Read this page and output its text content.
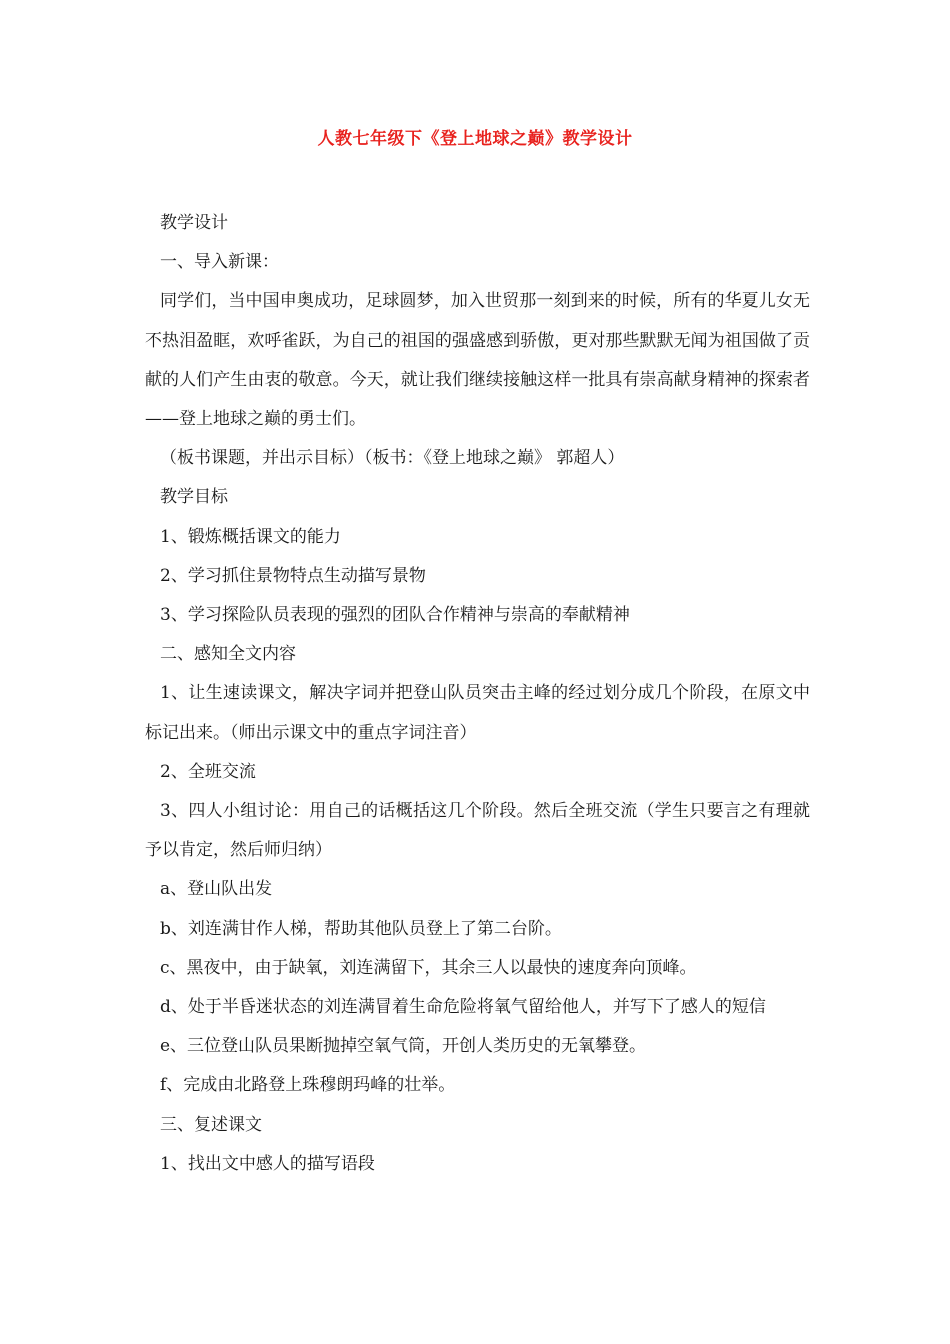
人教七年级下《登上地球之巅》教学设计

教学设计

一、导入新课：

同学们，当中国申奥成功，足球圆梦，加入世贸那一刻到来的时候，所有的华夏儿女无不热泪盈眶，欢呼雀跃，为自己的祖国的强盛感到骄傲，更对那些默默无闻为祖国做了贡献的人们产生由衷的敬意。今天，就让我们继续接触这样一批具有崇高献身精神的探索者——登上地球之巅的勇士们。

（板书课题，并出示目标）（板书：《登上地球之巅》 郭超人）

教学目标

1、锻炼概括课文的能力

2、学习抓住景物特点生动描写景物

3、学习探险队员表现的强烈的团队合作精神与崇高的奉献精神

二、感知全文内容

1、让生速读课文，解决字词并把登山队员突击主峰的经过划分成几个阶段，在原文中标记出来。（师出示课文中的重点字词注音）

2、全班交流

3、四人小组讨论：用自己的话概括这几个阶段。然后全班交流（学生只要言之有理就予以肯定，然后师归纳）

a、登山队出发

b、刘连满甘作人梯，帮助其他队员登上了第二台阶。

c、黑夜中，由于缺氧，刘连满留下，其余三人以最快的速度奔向顶峰。

d、处于半昏迷状态的刘连满冒着生命危险将氧气留给他人，并写下了感人的短信

e、三位登山队员果断抛掉空氧气筒，开创人类历史的无氧攀登。

f、完成由北路登上珠穆朗玛峰的壮举。

三、复述课文

1、找出文中感人的描写语段
